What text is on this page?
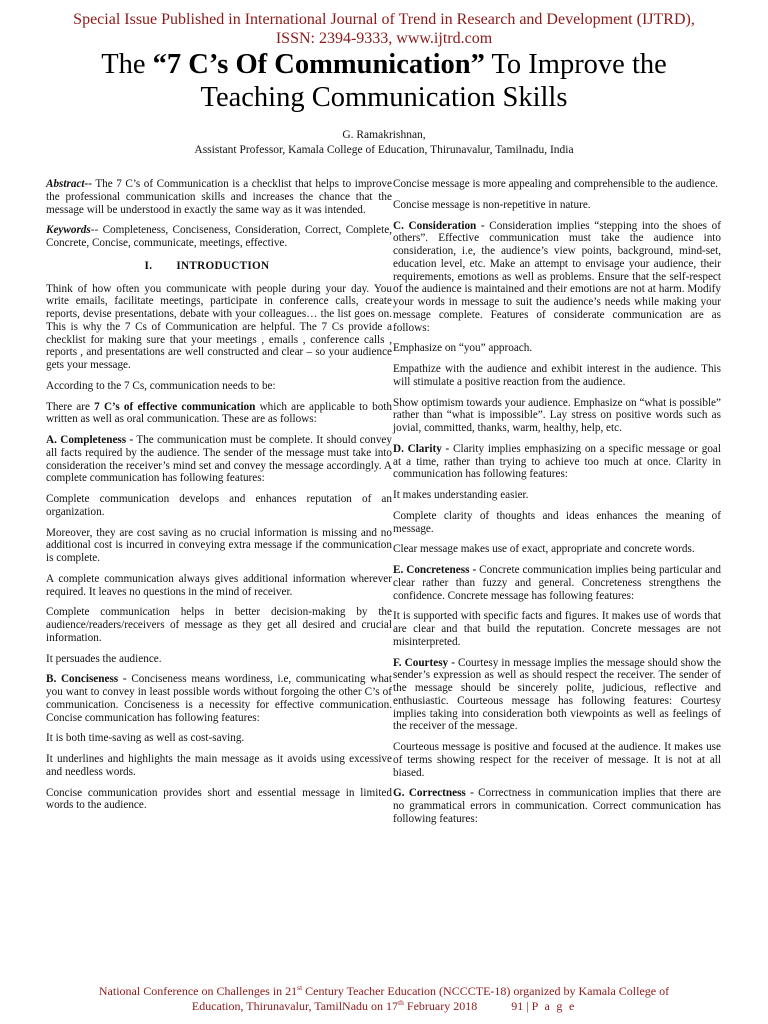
Special Issue Published in International Journal of Trend in Research and Development (IJTRD),
ISSN: 2394-9333, www.ijtrd.com
The “7 C’s Of Communication” To Improve the
Teaching Communication Skills
G. Ramakrishnan,
Assistant Professor, Kamala College of Education, Thirunavalur, Tamilnadu, India

Abstract-- The 7 C’s of Communication is a checklist that helps to improve the professional communication skills and increases the chance that the message will be understood in exactly the same way as it was intended.

Keywords-- Completeness, Conciseness, Consideration, Correct, Complete, Concrete, Concise, communicate, meetings, effective.

I. INTRODUCTION

Think of how often you communicate with people during your day. You write emails, facilitate meetings, participate in conference calls, create reports, devise presentations, debate with your colleagues… the list goes on. This is why the 7 Cs of Communication are helpful. The 7 Cs provide a checklist for making sure that your meetings , emails , conference calls , reports , and presentations are well constructed and clear – so your audience gets your message.

According to the 7 Cs, communication needs to be:

There are 7 C’s of effective communication which are applicable to both written as well as oral communication. These are as follows:

A. Completeness - The communication must be complete. It should convey all facts required by the audience. The sender of the message must take into consideration the receiver’s mind set and convey the message accordingly. A complete communication has following features:

Complete communication develops and enhances reputation of an organization.

Moreover, they are cost saving as no crucial information is missing and no additional cost is incurred in conveying extra message if the communication is complete.

A complete communication always gives additional information wherever required. It leaves no questions in the mind of receiver.

Complete communication helps in better decision-making by the audience/readers/receivers of message as they get all desired and crucial information.

It persuades the audience.

B. Conciseness - Conciseness means wordiness, i.e, communicating what you want to convey in least possible words without forgoing the other C’s of communication. Conciseness is a necessity for effective communication. Concise communication has following features:

It is both time-saving as well as cost-saving.

It underlines and highlights the main message as it avoids using excessive and needless words.

Concise communication provides short and essential message in limited words to the audience.

Concise message is more appealing and comprehensible to the audience.

Concise message is non-repetitive in nature.

C. Consideration - Consideration implies “stepping into the shoes of others”. Effective communication must take the audience into consideration, i.e, the audience’s view points, background, mind-set, education level, etc. Make an attempt to envisage your audience, their requirements, emotions as well as problems. Ensure that the self-respect of the audience is maintained and their emotions are not at harm. Modify your words in message to suit the audience’s needs while making your message complete. Features of considerate communication are as follows:

Emphasize on “you” approach.

Empathize with the audience and exhibit interest in the audience. This will stimulate a positive reaction from the audience.

Show optimism towards your audience. Emphasize on “what is possible” rather than “what is impossible”. Lay stress on positive words such as jovial, committed, thanks, warm, healthy, help, etc.

D. Clarity - Clarity implies emphasizing on a specific message or goal at a time, rather than trying to achieve too much at once. Clarity in communication has following features:

It makes understanding easier.

Complete clarity of thoughts and ideas enhances the meaning of message.

Clear message makes use of exact, appropriate and concrete words.

E. Concreteness - Concrete communication implies being particular and clear rather than fuzzy and general. Concreteness strengthens the confidence. Concrete message has following features:

It is supported with specific facts and figures. It makes use of words that are clear and that build the reputation. Concrete messages are not misinterpreted.

F. Courtesy - Courtesy in message implies the message should show the sender’s expression as well as should respect the receiver. The sender of the message should be sincerely polite, judicious, reflective and enthusiastic. Courteous message has following features: Courtesy implies taking into consideration both viewpoints as well as feelings of the receiver of the message.

Courteous message is positive and focused at the audience. It makes use of terms showing respect for the receiver of message. It is not at all biased.

G. Correctness - Correctness in communication implies that there are no grammatical errors in communication. Correct communication has following features:

National Conference on Challenges in 21st Century Teacher Education (NCCCTE-18) organized by Kamala College of
Education, Thirunavalur, TamilNadu on 17th February 2018	91 | P a g e
